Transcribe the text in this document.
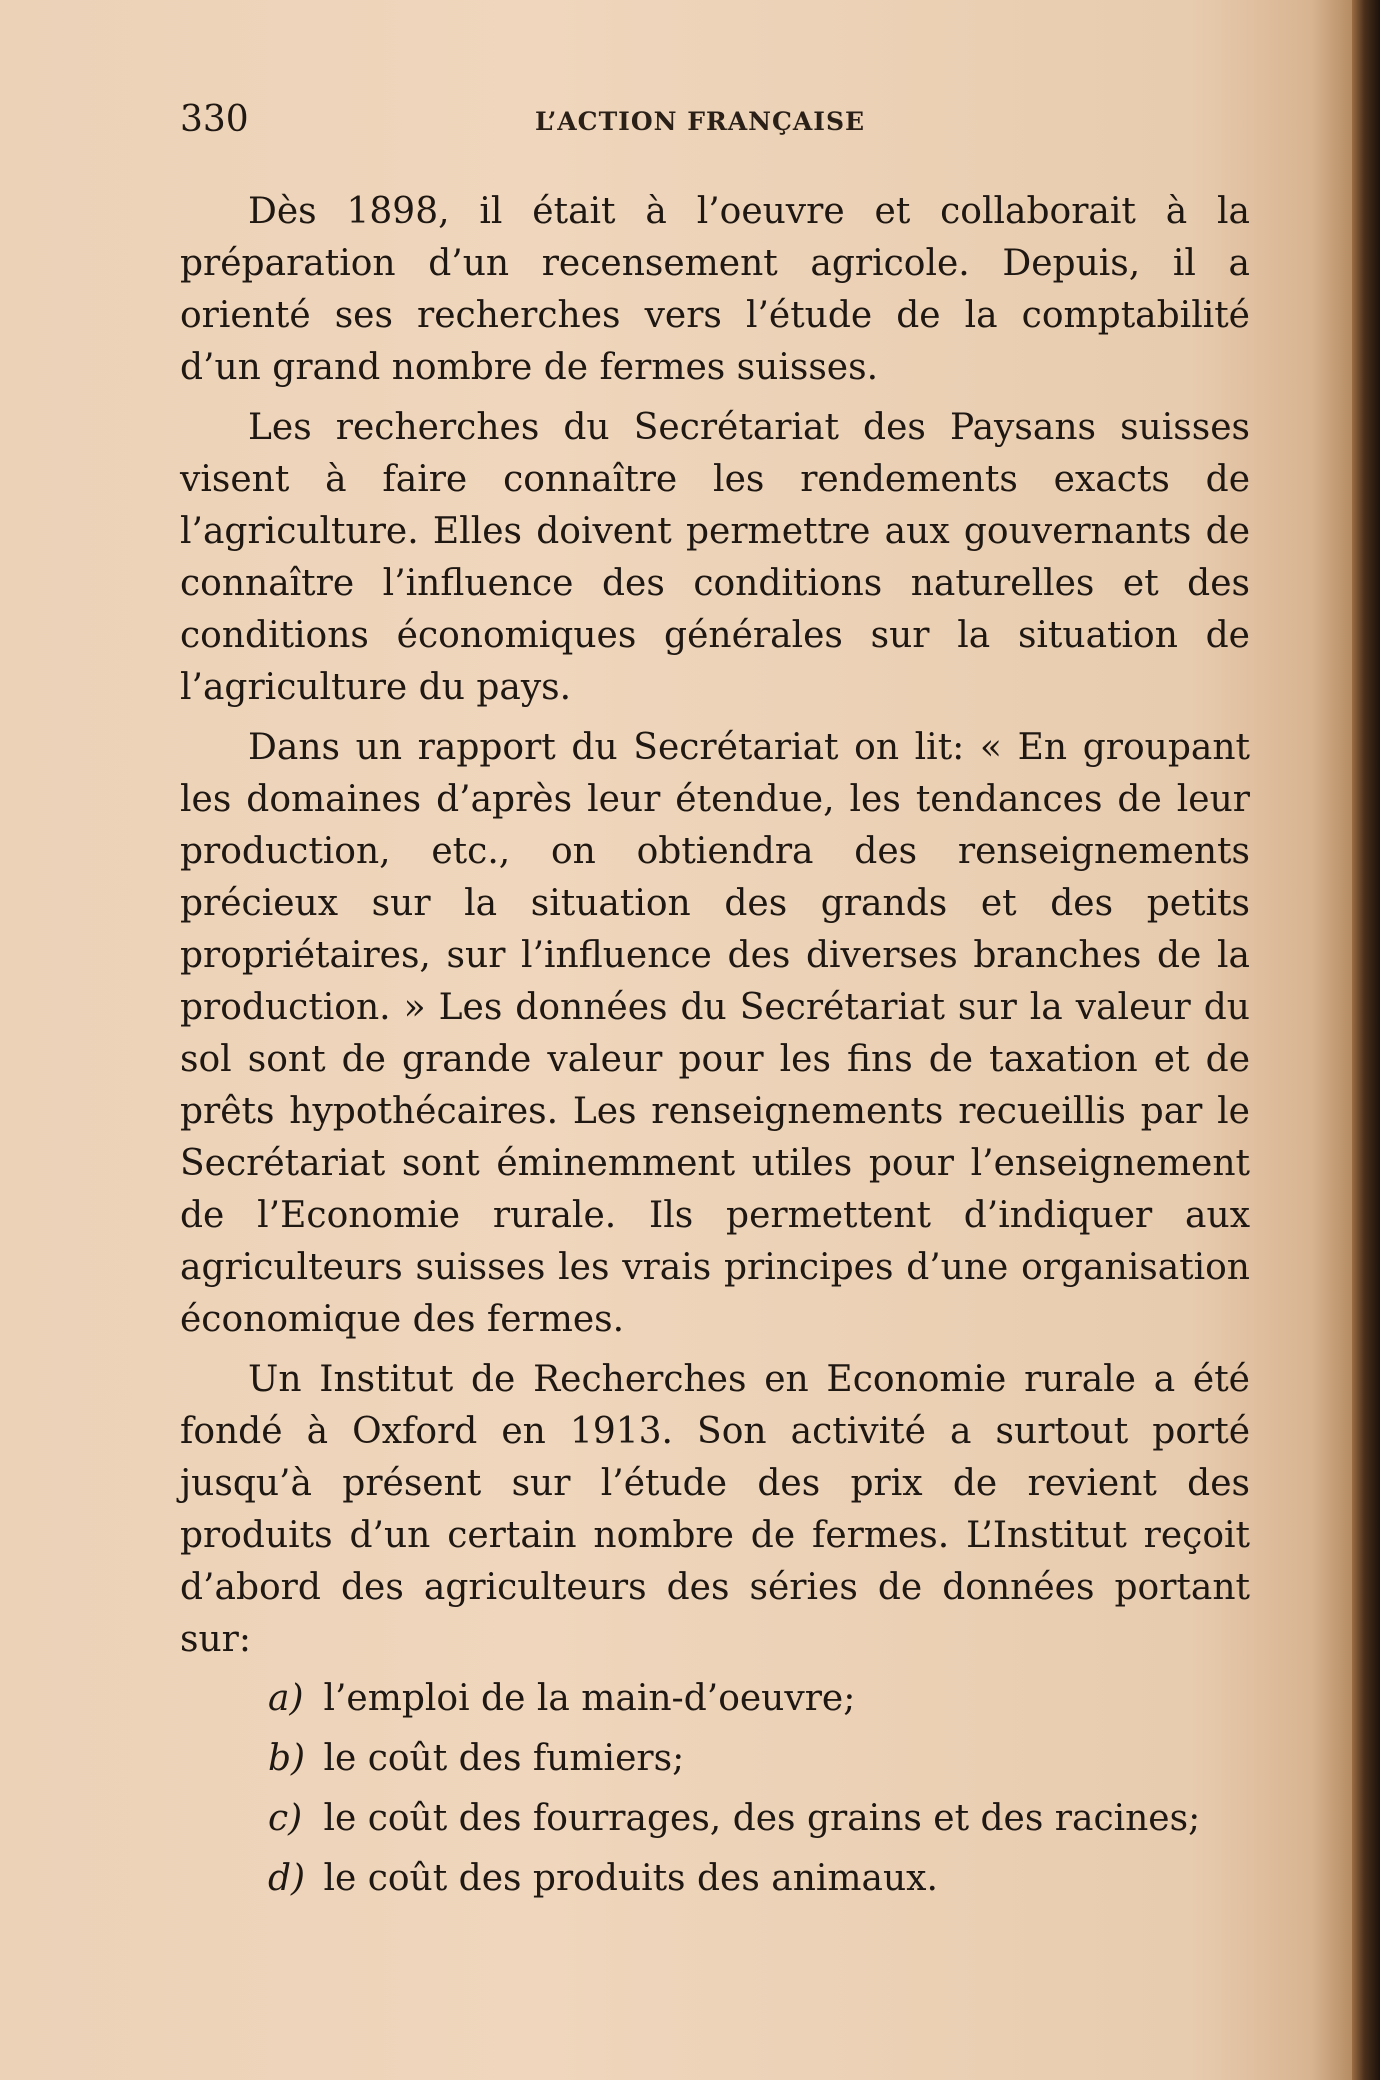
330	L’ACTION FRANÇAISE

Dès 1898, il était à l’oeuvre et collaborait à la préparation d’un recensement agricole. Depuis, il a orienté ses recherches vers l’étude de la comptabilité d’un grand nombre de fermes suisses.

Les recherches du Secrétariat des Paysans suisses visent à faire connaître les rendements exacts de l’agriculture. Elles doivent permettre aux gouvernants de connaître l’influence des conditions naturelles et des conditions économiques générales sur la situation de l’agriculture du pays.

Dans un rapport du Secrétariat on lit: « En groupant les domaines d’après leur étendue, les tendances de leur production, etc., on obtiendra des renseignements précieux sur la situation des grands et des petits propriétaires, sur l’influence des diverses branches de la production. » Les données du Secrétariat sur la valeur du sol sont de grande valeur pour les fins de taxation et de prêts hypothécaires. Les renseignements recueillis par le Secrétariat sont éminemment utiles pour l’enseignement de l’Economie rurale. Ils permettent d’indiquer aux agriculteurs suisses les vrais principes d’une organisation économique des fermes.

Un Institut de Recherches en Economie rurale a été fondé à Oxford en 1913. Son activité a surtout porté jusqu’à présent sur l’étude des prix de revient des produits d’un certain nombre de fermes. L’Institut reçoit d’abord des agriculteurs des séries de données portant sur:

a) l’emploi de la main-d’oeuvre;
b) le coût des fumiers;
c) le coût des fourrages, des grains et des racines;
d) le coût des produits des animaux.
